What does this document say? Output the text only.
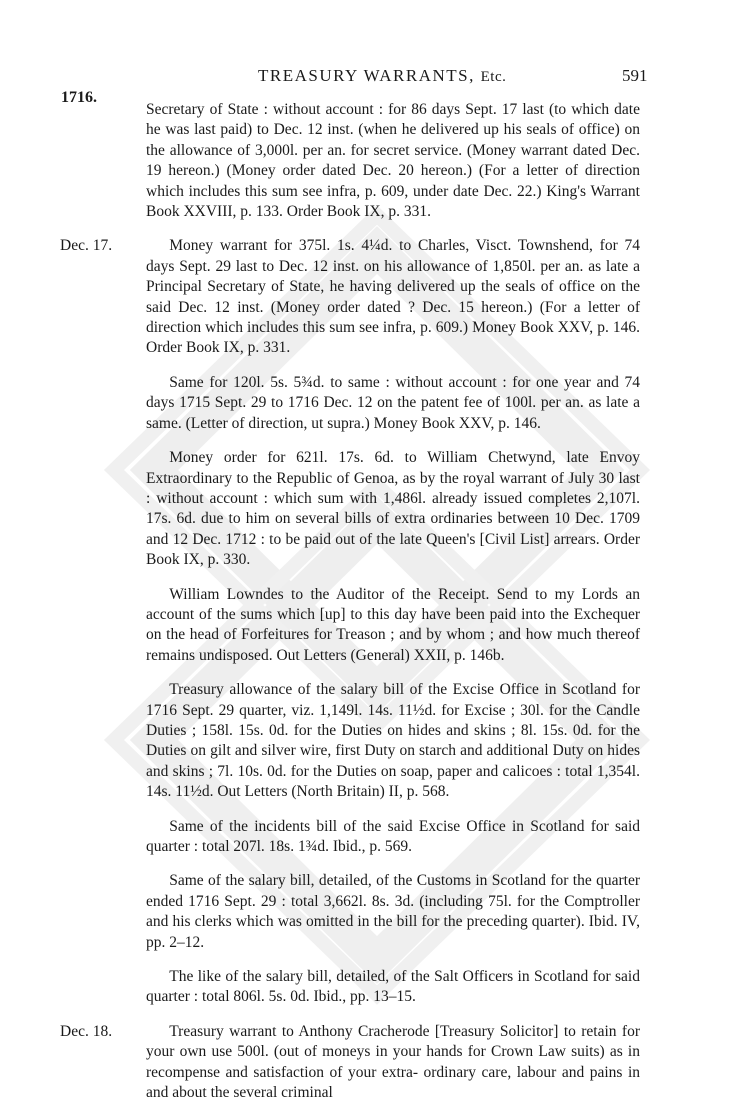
TREASURY WARRANTS, Etc.	591
1716.
Secretary of State : without account : for 86 days Sept. 17 last (to which date he was last paid) to Dec. 12 inst. (when he delivered up his seals of office) on the allowance of 3,000l. per an. for secret service. (Money warrant dated Dec. 19 hereon.) (Money order dated Dec. 20 hereon.) (For a letter of direction which includes this sum see infra, p. 609, under date Dec. 22.) King's Warrant Book XXVIII, p. 133. Order Book IX, p. 331.
Dec. 17.	Money warrant for 375l. 1s. 4¼d. to Charles, Visct. Townshend, for 74 days Sept. 29 last to Dec. 12 inst. on his allowance of 1,850l. per an. as late a Principal Secretary of State, he having delivered up the seals of office on the said Dec. 12 inst. (Money order dated ? Dec. 15 hereon.) (For a letter of direction which includes this sum see infra, p. 609.) Money Book XXV, p. 146. Order Book IX, p. 331.
Same for 120l. 5s. 5¾d. to same : without account : for one year and 74 days 1715 Sept. 29 to 1716 Dec. 12 on the patent fee of 100l. per an. as late a same. (Letter of direction, ut supra.) Money Book XXV, p. 146.
Money order for 621l. 17s. 6d. to William Chetwynd, late Envoy Extraordinary to the Republic of Genoa, as by the royal warrant of July 30 last : without account : which sum with 1,486l. already issued completes 2,107l. 17s. 6d. due to him on several bills of extra ordinaries between 10 Dec. 1709 and 12 Dec. 1712 : to be paid out of the late Queen's [Civil List] arrears. Order Book IX, p. 330.
William Lowndes to the Auditor of the Receipt. Send to my Lords an account of the sums which [up] to this day have been paid into the Exchequer on the head of Forfeitures for Treason ; and by whom ; and how much thereof remains undisposed. Out Letters (General) XXII, p. 146b.
Treasury allowance of the salary bill of the Excise Office in Scotland for 1716 Sept. 29 quarter, viz. 1,149l. 14s. 11½d. for Excise ; 30l. for the Candle Duties ; 158l. 15s. 0d. for the Duties on hides and skins ; 8l. 15s. 0d. for the Duties on gilt and silver wire, first Duty on starch and additional Duty on hides and skins ; 7l. 10s. 0d. for the Duties on soap, paper and calicoes : total 1,354l. 14s. 11½d. Out Letters (North Britain) II, p. 568.
Same of the incidents bill of the said Excise Office in Scotland for said quarter : total 207l. 18s. 1¾d. Ibid., p. 569.
Same of the salary bill, detailed, of the Customs in Scotland for the quarter ended 1716 Sept. 29 : total 3,662l. 8s. 3d. (including 75l. for the Comptroller and his clerks which was omitted in the bill for the preceding quarter). Ibid. IV, pp. 2–12.
The like of the salary bill, detailed, of the Salt Officers in Scotland for said quarter : total 806l. 5s. 0d. Ibid., pp. 13–15.
Dec. 18.	Treasury warrant to Anthony Cracherode [Treasury Solicitor] to retain for your own use 500l. (out of moneys in your hands for Crown Law suits) as in recompense and satisfaction of your extra- ordinary care, labour and pains in and about the several criminal
